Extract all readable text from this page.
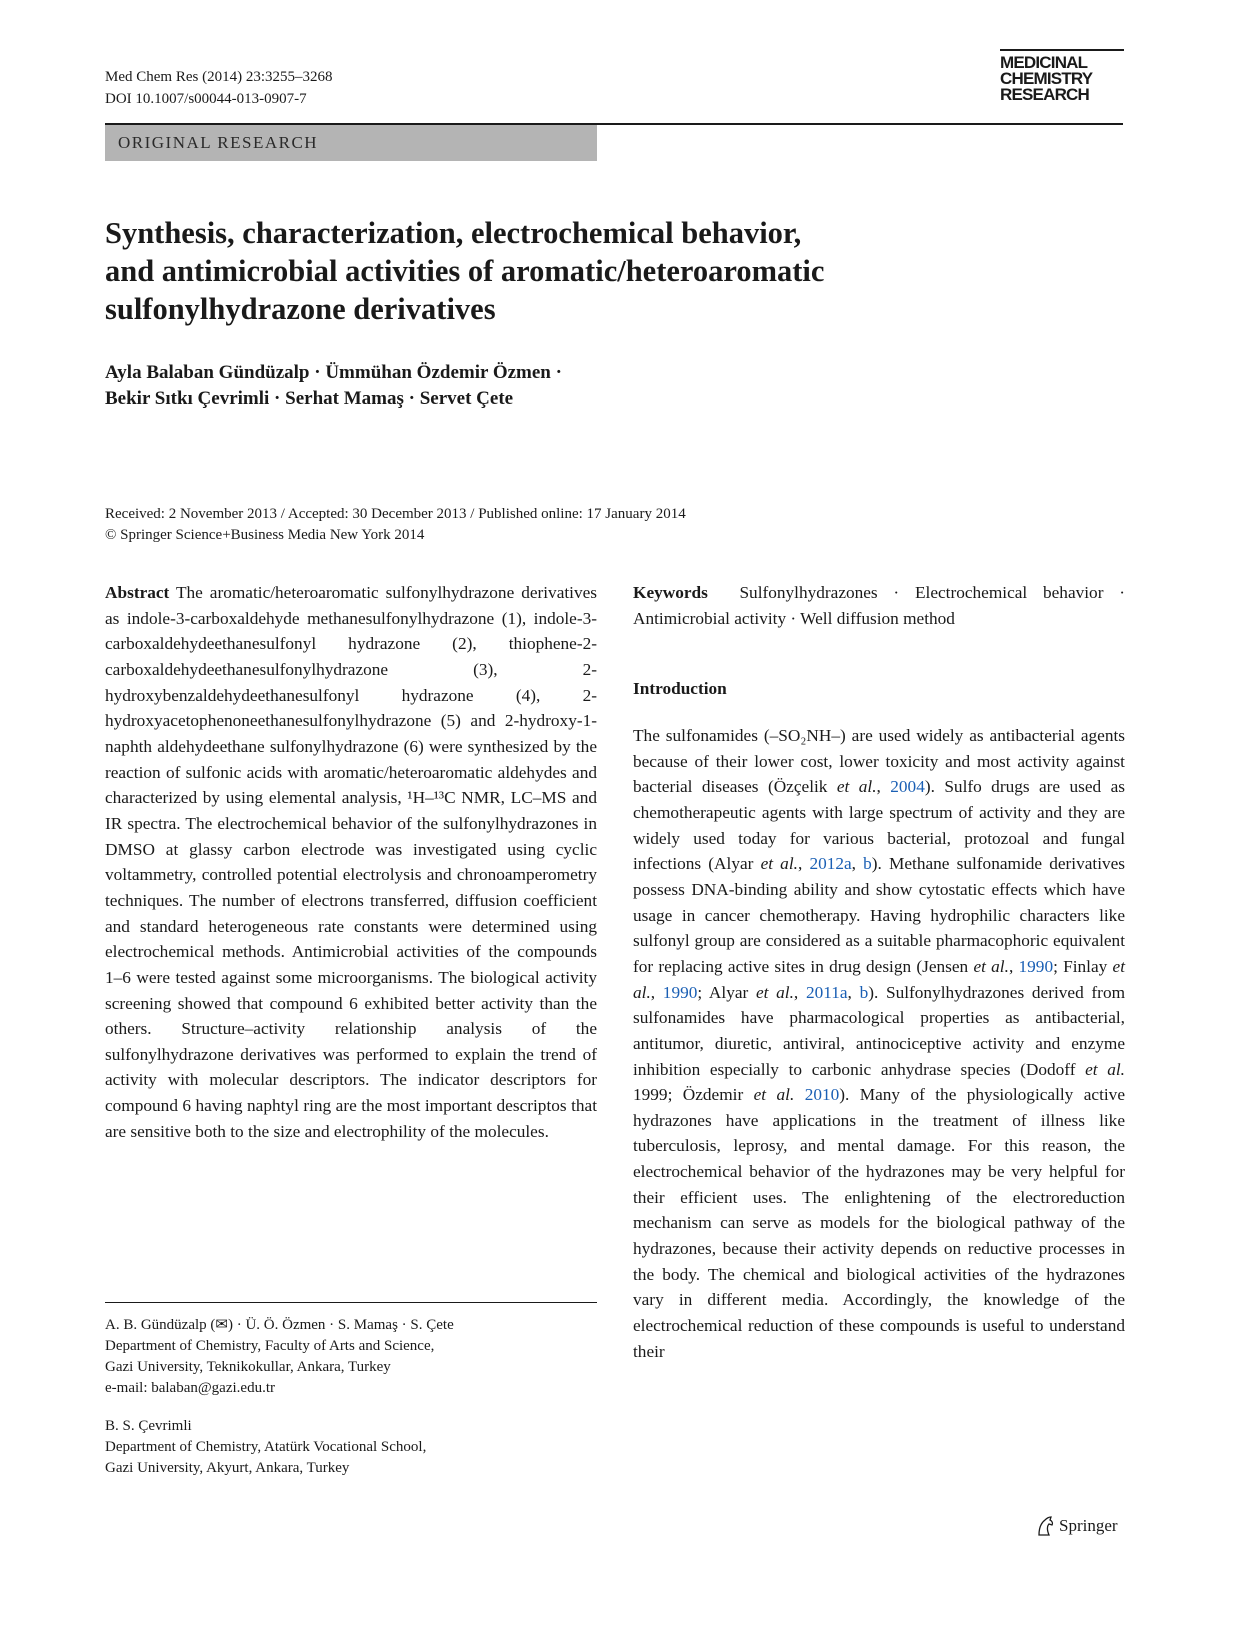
Med Chem Res (2014) 23:3255–3268
DOI 10.1007/s00044-013-0907-7
MEDICINAL
CHEMISTRY
RESEARCH
ORIGINAL RESEARCH
Synthesis, characterization, electrochemical behavior,
and antimicrobial activities of aromatic/heteroaromatic
sulfonylhydrazone derivatives
Ayla Balaban Gündüzalp · Ümmühan Özdemir Özmen ·
Bekir Sıtkı Çevrimli · Serhat Mamaş · Servet Çete
Received: 2 November 2013 / Accepted: 30 December 2013 / Published online: 17 January 2014
© Springer Science+Business Media New York 2014
Abstract The aromatic/heteroaromatic sulfonylhydrazone derivatives as indole-3-carboxaldehyde methanesulfonylhydrazone (1), indole-3-carboxaldehydeethanesulfonyl hydrazone (2), thiophene-2-carboxaldehydeethanesulfonylhydrazone (3), 2-hydroxybenzaldehydeethanesulfonyl hydrazone (4), 2-hydroxyacetophenoneethanesulfonylhydrazone (5) and 2-hydroxy-1-naphth aldehydeethane sulfonylhydrazone (6) were synthesized by the reaction of sulfonic acids with aromatic/heteroaromatic aldehydes and characterized by using elemental analysis, ¹H–¹³C NMR, LC–MS and IR spectra. The electrochemical behavior of the sulfonylhydrazones in DMSO at glassy carbon electrode was investigated using cyclic voltammetry, controlled potential electrolysis and chronoamperometry techniques. The number of electrons transferred, diffusion coefficient and standard heterogeneous rate constants were determined using electrochemical methods. Antimicrobial activities of the compounds 1–6 were tested against some microorganisms. The biological activity screening showed that compound 6 exhibited better activity than the others. Structure–activity relationship analysis of the sulfonylhydrazone derivatives was performed to explain the trend of activity with molecular descriptors. The indicator descriptors for compound 6 having naphtyl ring are the most important descriptos that are sensitive both to the size and electrophility of the molecules.
Keywords Sulfonylhydrazones · Electrochemical behavior · Antimicrobial activity · Well diffusion method
Introduction
The sulfonamides (–SO₂NH–) are used widely as antibacterial agents because of their lower cost, lower toxicity and most activity against bacterial diseases (Özçelik et al., 2004). Sulfo drugs are used as chemotherapeutic agents with large spectrum of activity and they are widely used today for various bacterial, protozoal and fungal infections (Alyar et al., 2012a, b). Methane sulfonamide derivatives possess DNA-binding ability and show cytostatic effects which have usage in cancer chemotherapy. Having hydrophilic characters like sulfonyl group are considered as a suitable pharmacophoric equivalent for replacing active sites in drug design (Jensen et al., 1990; Finlay et al., 1990; Alyar et al., 2011a, b). Sulfonylhydrazones derived from sulfonamides have pharmacological properties as antibacterial, antitumor, diuretic, antiviral, antinociceptive activity and enzyme inhibition especially to carbonic anhydrase species (Dodoff et al. 1999; Özdemir et al. 2010). Many of the physiologically active hydrazones have applications in the treatment of illness like tuberculosis, leprosy, and mental damage. For this reason, the electrochemical behavior of the hydrazones may be very helpful for their efficient uses. The enlightening of the electroreduction mechanism can serve as models for the biological pathway of the hydrazones, because their activity depends on reductive processes in the body. The chemical and biological activities of the hydrazones vary in different media. Accordingly, the knowledge of the electrochemical reduction of these compounds is useful to understand their

A. B. Gündüzalp (✉) · Ü. Ö. Özmen · S. Mamaş · S. Çete
Department of Chemistry, Faculty of Arts and Science,
Gazi University, Teknikokullar, Ankara, Turkey
e-mail: balaban@gazi.edu.tr

B. S. Çevrimli
Department of Chemistry, Atatürk Vocational School,
Gazi University, Akyurt, Ankara, Turkey

Springer
